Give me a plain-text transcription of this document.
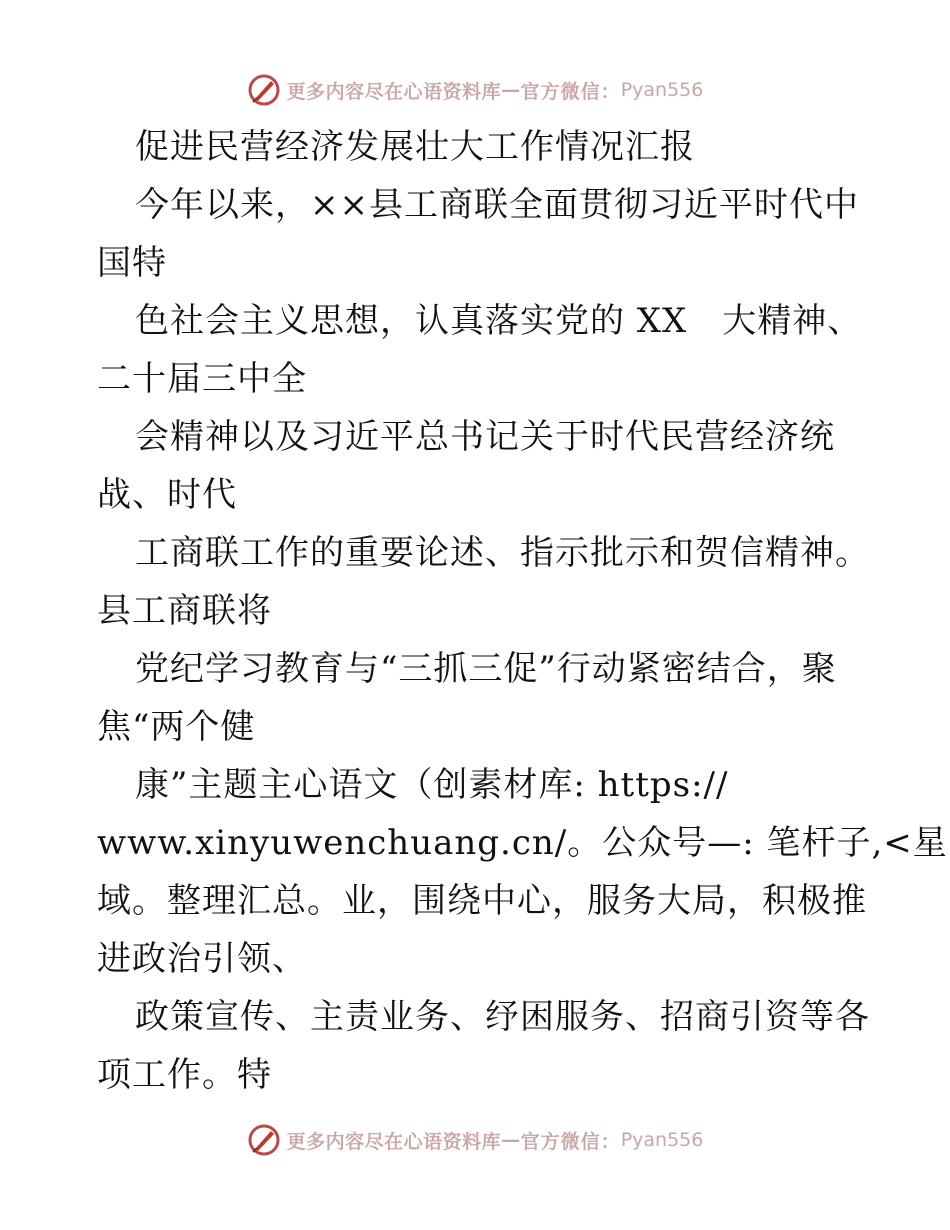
更多内容尽在心语资料库 — 官方微信： Pyan556
促进民营经济发展壮大工作情况汇报
今年以来，××县工商联全面贯彻习近平时代中
国特
色社会主义思想，认真落实党的 XX　大精神、
二十届三中全
会精神以及习近平总书记关于时代民营经济统
战、时代
工商联工作的重要论述、指示批示和贺信精神。
县工商联将
党纪学习教育与“三抓三促”行动紧密结合，聚
焦“两个健
康”主题主心语文（创素材库: https://
www.xinyuwenchuang.cn/。公众号—: 笔杆子,<星
域。整理汇总。业，围绕中心，服务大局，积极推
进政治引领、
政策宣传、主责业务、纾困服务、招商引资等各
项工作。特
更多内容尽在心语资料库 — 官方微信： Pyan556
